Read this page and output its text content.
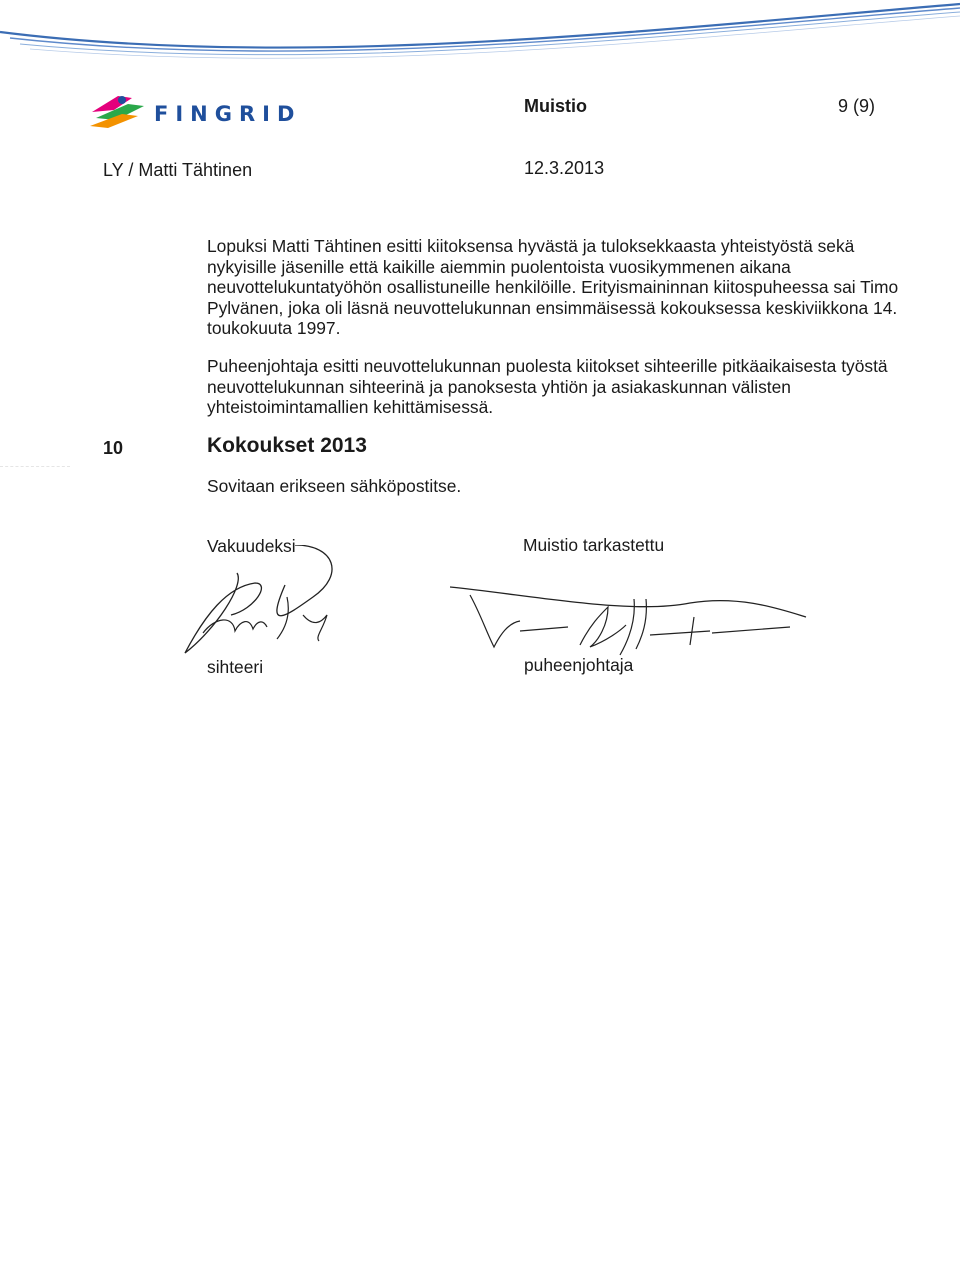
FINGRID	Muistio	9 (9)
LY / Matti Tähtinen	12.3.2013

Lopuksi Matti Tähtinen esitti kiitoksensa hyvästä ja tuloksekkaasta yhteistyöstä sekä nykyisille jäsenille että kaikille aiemmin puolentoista vuosikymmenen aikana neuvottelukuntatyöhön osallistuneille henkilöille. Erityismaininnan kiitospuheessa sai Timo Pylvänen, joka oli läsnä neuvottelukunnan ensimmäisessä kokouksessa keskiviikkona 14. toukokuuta 1997.

Puheenjohtaja esitti neuvottelukunnan puolesta kiitokset sihteerille pitkäaikaisesta työstä neuvottelukunnan sihteerinä ja panoksesta yhtiön ja asiakaskunnan välisten yhteistoimintamallien kehittämisessä.

10	Kokoukset 2013
Sovitaan erikseen sähköpostitse.
Vakuudeksi	Muistio tarkastettu
sihteeri	puheenjohtaja
